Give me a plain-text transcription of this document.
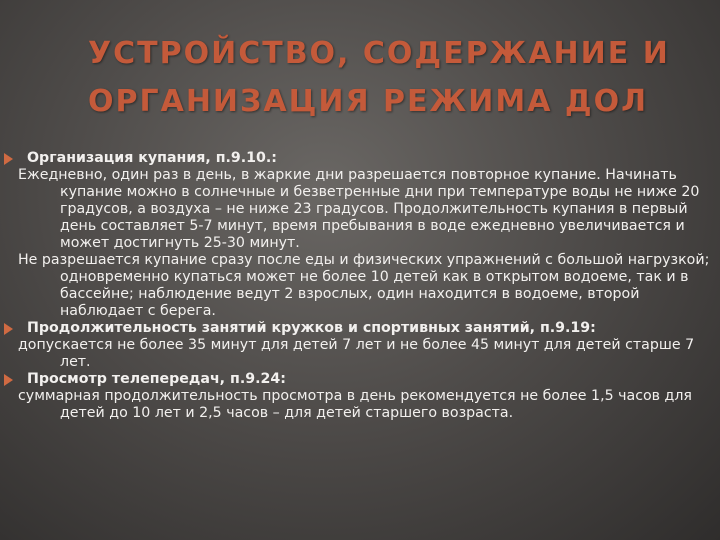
УСТРОЙСТВО, СОДЕРЖАНИЕ И
ОРГАНИЗАЦИЯ РЕЖИМА ДОЛ
Организация купания, п.9.10.:

Ежедневно, один раз в день, в жаркие дни разрешается повторное купание. Начинать купание можно в солнечные и безветренные дни при температуре воды не ниже 20 градусов, а воздуха – не ниже 23 градусов. Продолжительность купания в первый день составляет 5-7 минут, время пребывания в воде ежедневно увеличивается и может достигнуть 25-30 минут.

Не разрешается купание сразу после еды и физических упражнений с большой нагрузкой; одновременно купаться может не более 10 детей как в открытом водоеме, так и в бассейне; наблюдение ведут 2 взрослых, один находится в водоеме, второй наблюдает с берега.

Продолжительность занятий кружков и спортивных занятий, п.9.19:

допускается не более 35 минут для детей 7 лет и не более 45 минут для детей старше 7 лет.

Просмотр телепередач, п.9.24:

суммарная продолжительность просмотра в день рекомендуется не более 1,5 часов для детей до 10 лет и 2,5 часов – для детей старшего возраста.
